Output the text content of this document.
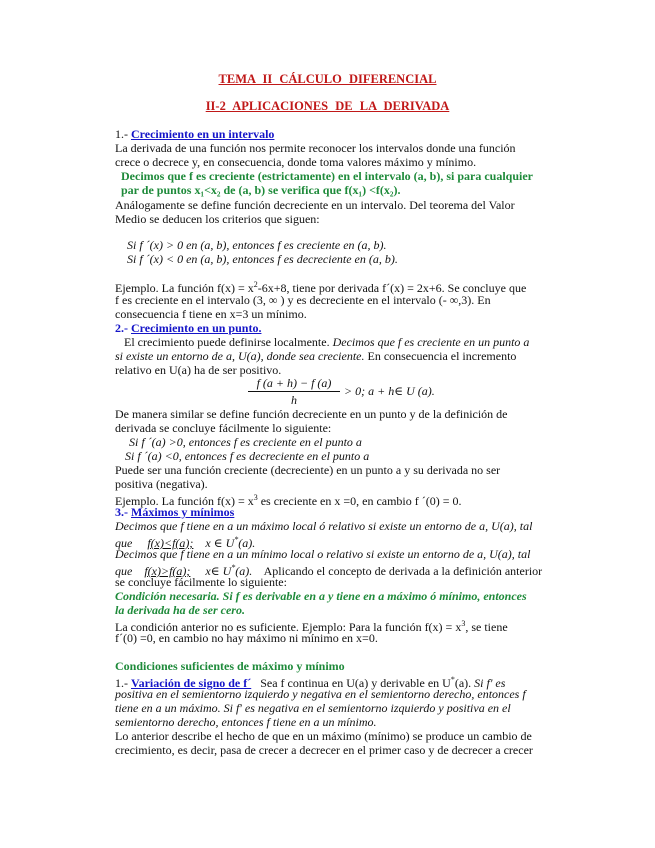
TEMA II CÁLCULO DIFERENCIAL
II-2 APLICACIONES DE LA DERIVADA
1.- Crecimiento en un intervalo
La derivada de una función nos permite reconocer los intervalos donde una función
crece o decrece y, en consecuencia, donde toma valores máximo y mínimo.
Decimos que f es creciente (estrictamente) en el intervalo (a, b), si para cualquier
par de puntos x₁<x₂ de (a, b) se verifica que f(x₁) <f(x₂).
Análogamente se define función decreciente en un intervalo. Del teorema del Valor
Medio se deducen los criterios que siguen:
Si f ´(x) > 0 en (a, b), entonces f es creciente en (a, b).
Si f ´(x) < 0 en (a, b), entonces f es decreciente en (a, b).
Ejemplo. La función $f(x) = x^2-6x+8$, tiene por derivada f´(x) = 2x+6. Se concluye que
f es creciente en el intervalo (3, ∞ ) y es decreciente en el intervalo (- ∞,3). En
consecuencia f tiene en x=3 un mínimo.
2.- Crecimiento en un punto.
El crecimiento puede definirse localmente. Decimos que f es creciente en un punto a
si existe un entorno de a, U(a), donde sea creciente. En consecuencia el incremento
relativo en U(a) ha de ser positivo.
f (a + h) − f (a)
h
> 0; a + h∈ U (a).
De manera similar se define función decreciente en un punto y de la definición de
derivada se concluye fácilmente lo siguiente:
Si f ´(a) >0, entonces f es creciente en el punto a
Si f ´(a) <0, entonces f es decreciente en el punto a
Puede ser una función creciente (decreciente) en un punto a y su derivada no ser
positiva (negativa).
Ejemplo. La función $f(x) = x^3$ es creciente en x =0, en cambio f ´(0) = 0.
3.- Máximos y mínimos
Decimos que f tiene en a un máximo local ó relativo si existe un entorno de a, U(a), tal
que     f(x)<f(a);    x ∈ U*(a).
Decimos que f tiene en a un mínimo local o relativo si existe un entorno de a, U(a), tal
que    f(x)>f(a);     x∈ U*(a).    Aplicando el concepto de derivada a la definición anterior
se concluye fácilmente lo siguiente:
Condición necesaria. Si f es derivable en a y tiene en a máximo ó mínimo, entonces
la derivada ha de ser cero.
La condición anterior no es suficiente. Ejemplo: Para la función $f(x) = x^3$, se tiene
f´(0) =0, en cambio no hay máximo ni mínimo en x=0.
Condiciones suficientes de máximo y mínimo
1.- Variación de signo de f´   Sea f continua en U(a) y derivable en U*(a). Si f' es
positiva en el semientorno izquierdo y negativa en el semientorno derecho, entonces f
tiene en a un máximo. Si f' es negativa en el semientorno izquierdo y positiva en el
semientorno derecho, entonces f tiene en a un mínimo.
Lo anterior describe el hecho de que en un máximo (mínimo) se produce un cambio de
crecimiento, es decir, pasa de crecer a decrecer en el primer caso y de decrecer a crecer
